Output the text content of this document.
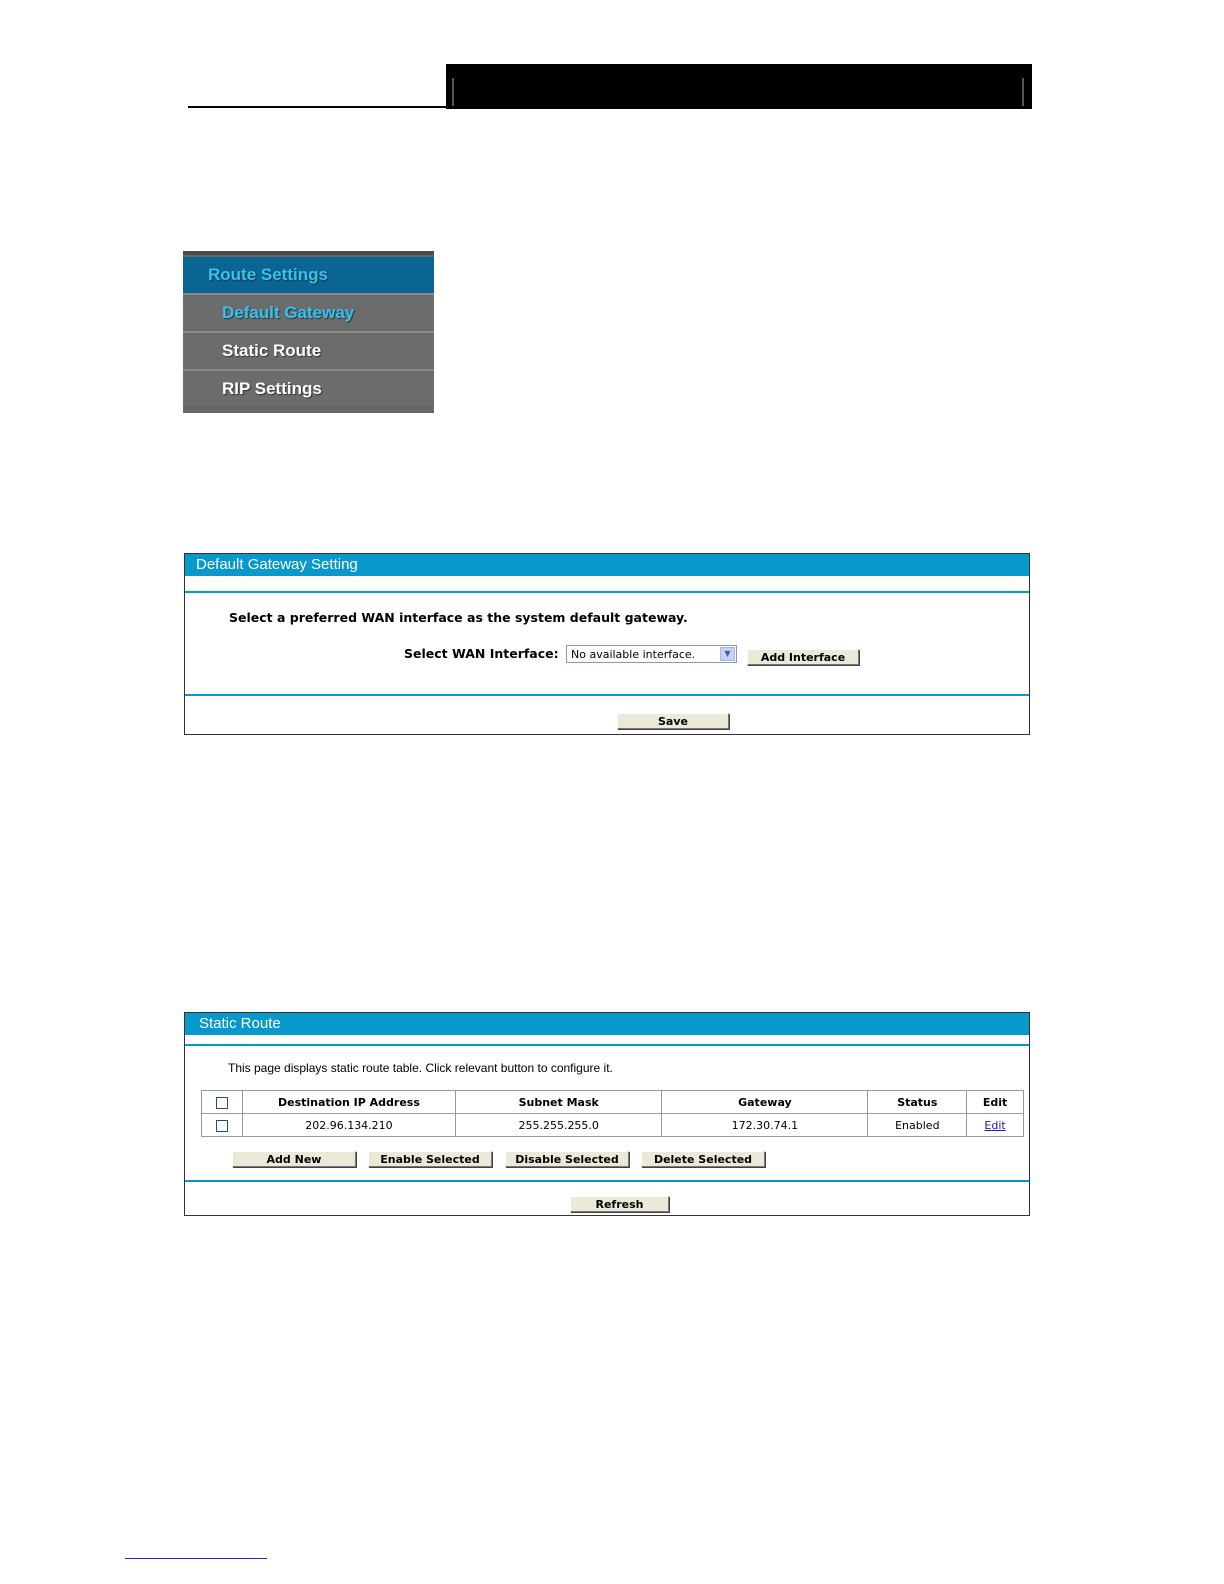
Route Settings
Default Gateway
Static Route
RIP Settings
Default Gateway Setting
Select a preferred WAN interface as the system default gateway.
Select WAN Interface:	No available interface.	▼	Add Interface
Save
Static Route
This page displays static route table. Click relevant button to configure it.
	Destination IP Address	Subnet Mask	Gateway	Status	Edit
	202.96.134.210	255.255.255.0	172.30.74.1	Enabled	Edit
Add New	Enable Selected	Disable Selected	Delete Selected
Refresh
